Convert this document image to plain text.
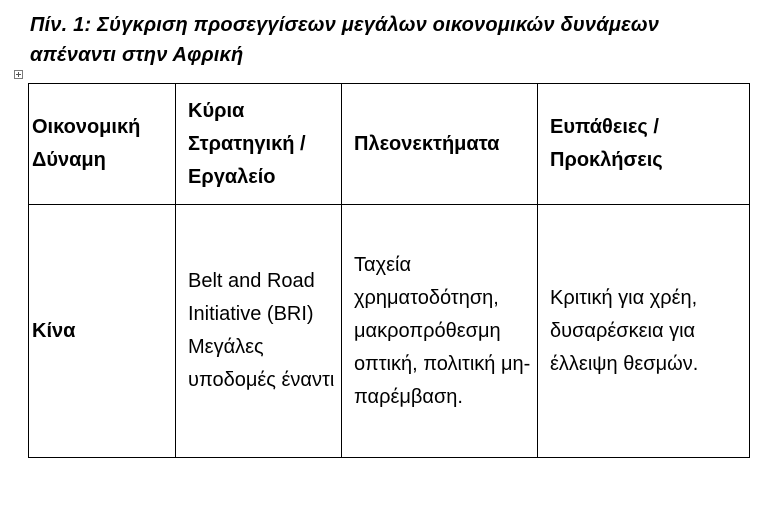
Πίν. 1: Σύγκριση προσεγγίσεων μεγάλων οικονομικών δυνάμεων απέναντι στην Αφρική

Οικονομική Δύναμη	Κύρια Στρατηγική / Εργαλείο	Πλεονεκτήματα	Ευπάθειες / Προκλήσεις
Κίνα	Belt and Road Initiative (BRI) Μεγάλες υποδομές έναντι	Ταχεία χρηματοδότηση, μακροπρόθεσμη οπτική, πολιτική μη-παρέμβαση.	Κριτική για χρέη, δυσαρέσκεια για έλλειψη θεσμών.
